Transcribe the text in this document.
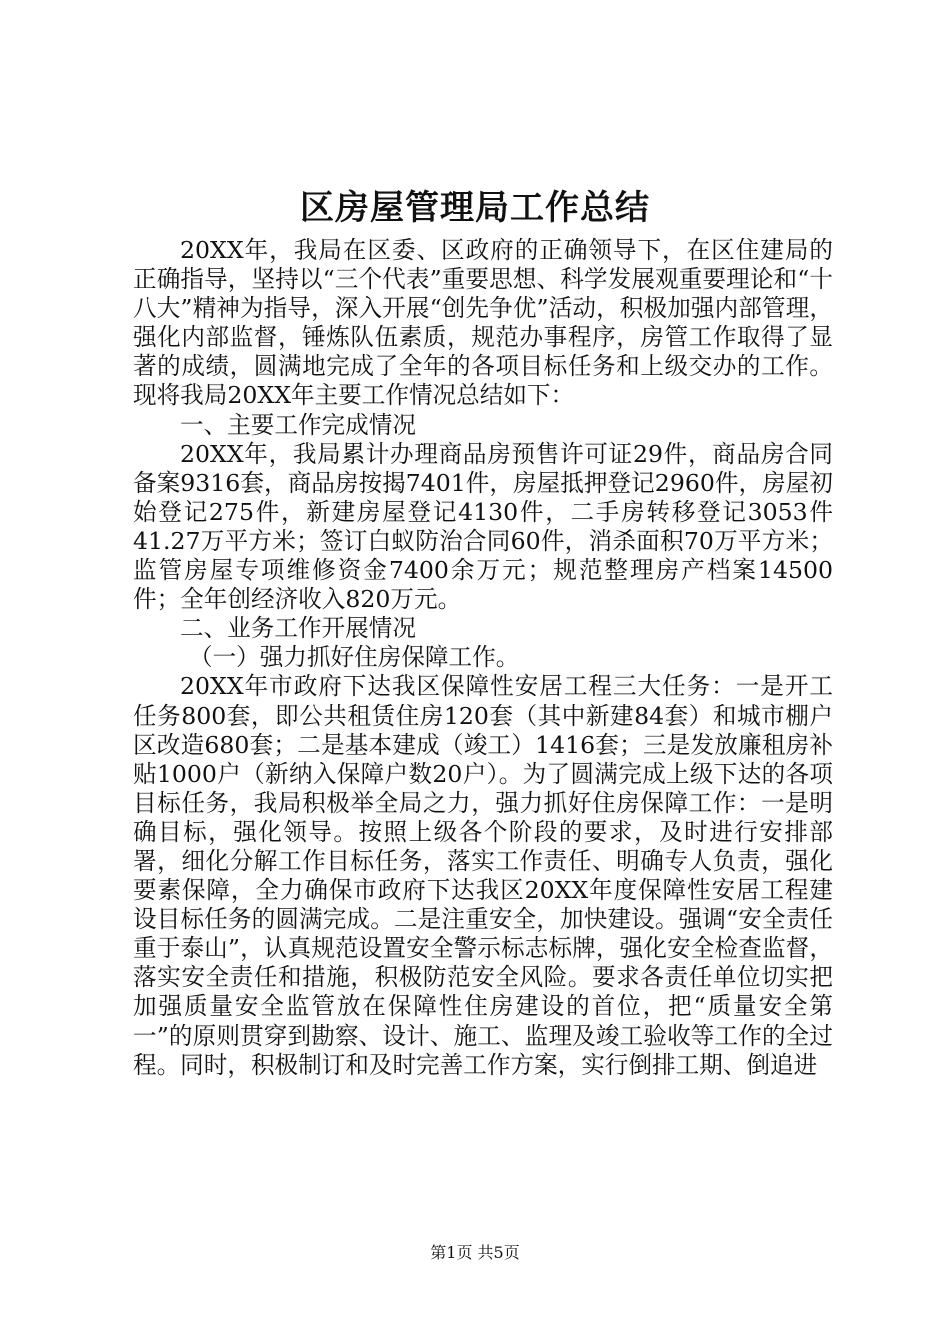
区房屋管理局工作总结

20XX年，我局在区委、区政府的正确领导下，在区住建局的正确指导，坚持以“三个代表”重要思想、科学发展观重要理论和“十八大”精神为指导，深入开展“创先争优”活动，积极加强内部管理，强化内部监督，锤炼队伍素质，规范办事程序，房管工作取得了显著的成绩，圆满地完成了全年的各项目标任务和上级交办的工作。现将我局20XX年主要工作情况总结如下：

一、主要工作完成情况

20XX年，我局累计办理商品房预售许可证29件，商品房合同备案9316套，商品房按揭7401件，房屋抵押登记2960件，房屋初始登记275件，新建房屋登记4130件，二手房转移登记3053件41.27万平方米；签订白蚁防治合同60件，消杀面积70万平方米；监管房屋专项维修资金7400余万元；规范整理房产档案14500件；全年创经济收入820万元。

二、业务工作开展情况

（一）强力抓好住房保障工作。

20XX年市政府下达我区保障性安居工程三大任务：一是开工任务800套，即公共租赁住房120套（其中新建84套）和城市棚户区改造680套；二是基本建成（竣工）1416套；三是发放廉租房补贴1000户（新纳入保障户数20户）。为了圆满完成上级下达的各项目标任务，我局积极举全局之力，强力抓好住房保障工作：一是明确目标，强化领导。按照上级各个阶段的要求，及时进行安排部署，细化分解工作目标任务，落实工作责任、明确专人负责，强化要素保障，全力确保市政府下达我区20XX年度保障性安居工程建设目标任务的圆满完成。二是注重安全，加快建设。强调“安全责任重于泰山”，认真规范设置安全警示标志标牌，强化安全检查监督，落实安全责任和措施，积极防范安全风险。要求各责任单位切实把加强质量安全监管放在保障性住房建设的首位，把“质量安全第一”的原则贯穿到勘察、设计、施工、监理及竣工验收等工作的全过程。同时，积极制订和及时完善工作方案，实行倒排工期、倒追进

第1页 共5页
